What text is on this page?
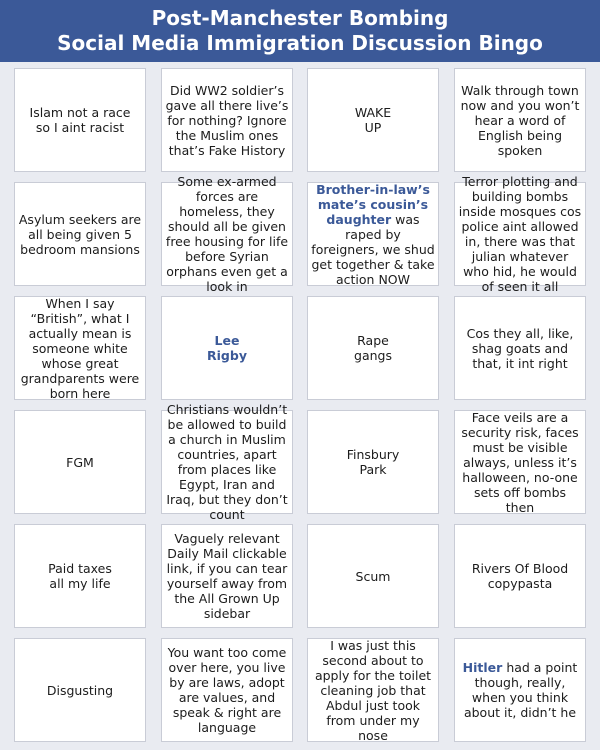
Post-Manchester Bombing
Social Media Immigration Discussion Bingo
Islam not a race so I aint racist
Did WW2 soldier’s gave all there live’s for nothing? Ignore the Muslim ones that’s Fake History
WAKE UP
Walk through town now and you won’t hear a word of English being spoken
Asylum seekers are all being given 5 bedroom mansions
Some ex-armed forces are homeless, they should all be given free housing for life before Syrian orphans even get a look in
Brother-in-law’s mate’s cousin’s daughter was raped by foreigners, we shud get together & take action NOW
Terror plotting and building bombs inside mosques cos police aint allowed in, there was that julian whatever who hid, he would of seen it all
When I say “British”, what I actually mean is someone white whose great grandparents were born here
Lee Rigby
Rape gangs
Cos they all, like, shag goats and that, it int right
FGM
Christians wouldn’t be allowed to build a church in Muslim countries, apart from places like Egypt, Iran and Iraq, but they don’t count
Finsbury Park
Face veils are a security risk, faces must be visible always, unless it’s halloween, no-one sets off bombs then
Paid taxes all my life
Vaguely relevant Daily Mail clickable link, if you can tear yourself away from the All Grown Up sidebar
Scum	Rivers Of Blood copypasta
Disgusting
You want too come over here, you live by are laws, adopt are values, and speak & right are language
I was just this second about to apply for the toilet cleaning job that Abdul just took from under my nose
Hitler had a point though, really, when you think about it, didn’t he
